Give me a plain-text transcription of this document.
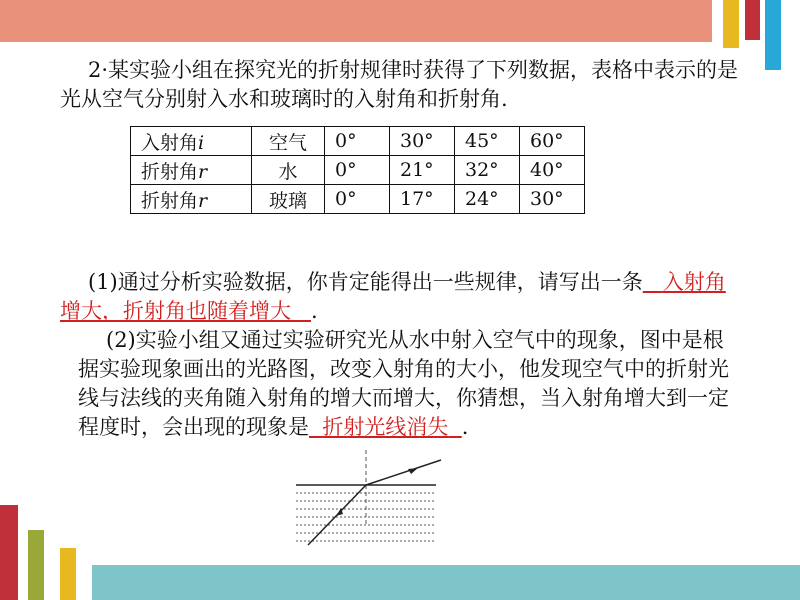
2·某实验小组在探究光的折射规律时获得了下列数据，表格中表示的是光从空气分别射入水和玻璃时的入射角和折射角.

入射角i	空气	0°	30°	45°	60°
折射角r	水	0°	21°	32°	40°
折射角r	玻璃	0°	17°	24°	30°

(1)通过分析实验数据，你肯定能得出一些规律，请写出一条 入射角增大，折射角也随着增大 .

(2)实验小组又通过实验研究光从水中射入空气中的现象，图中是根据实验现象画出的光路图，改变入射角的大小，他发现空气中的折射光线与法线的夹角随入射角的增大而增大，你猜想，当入射角增大到一定程度时，会出现的现象是 折射光线消失 .
